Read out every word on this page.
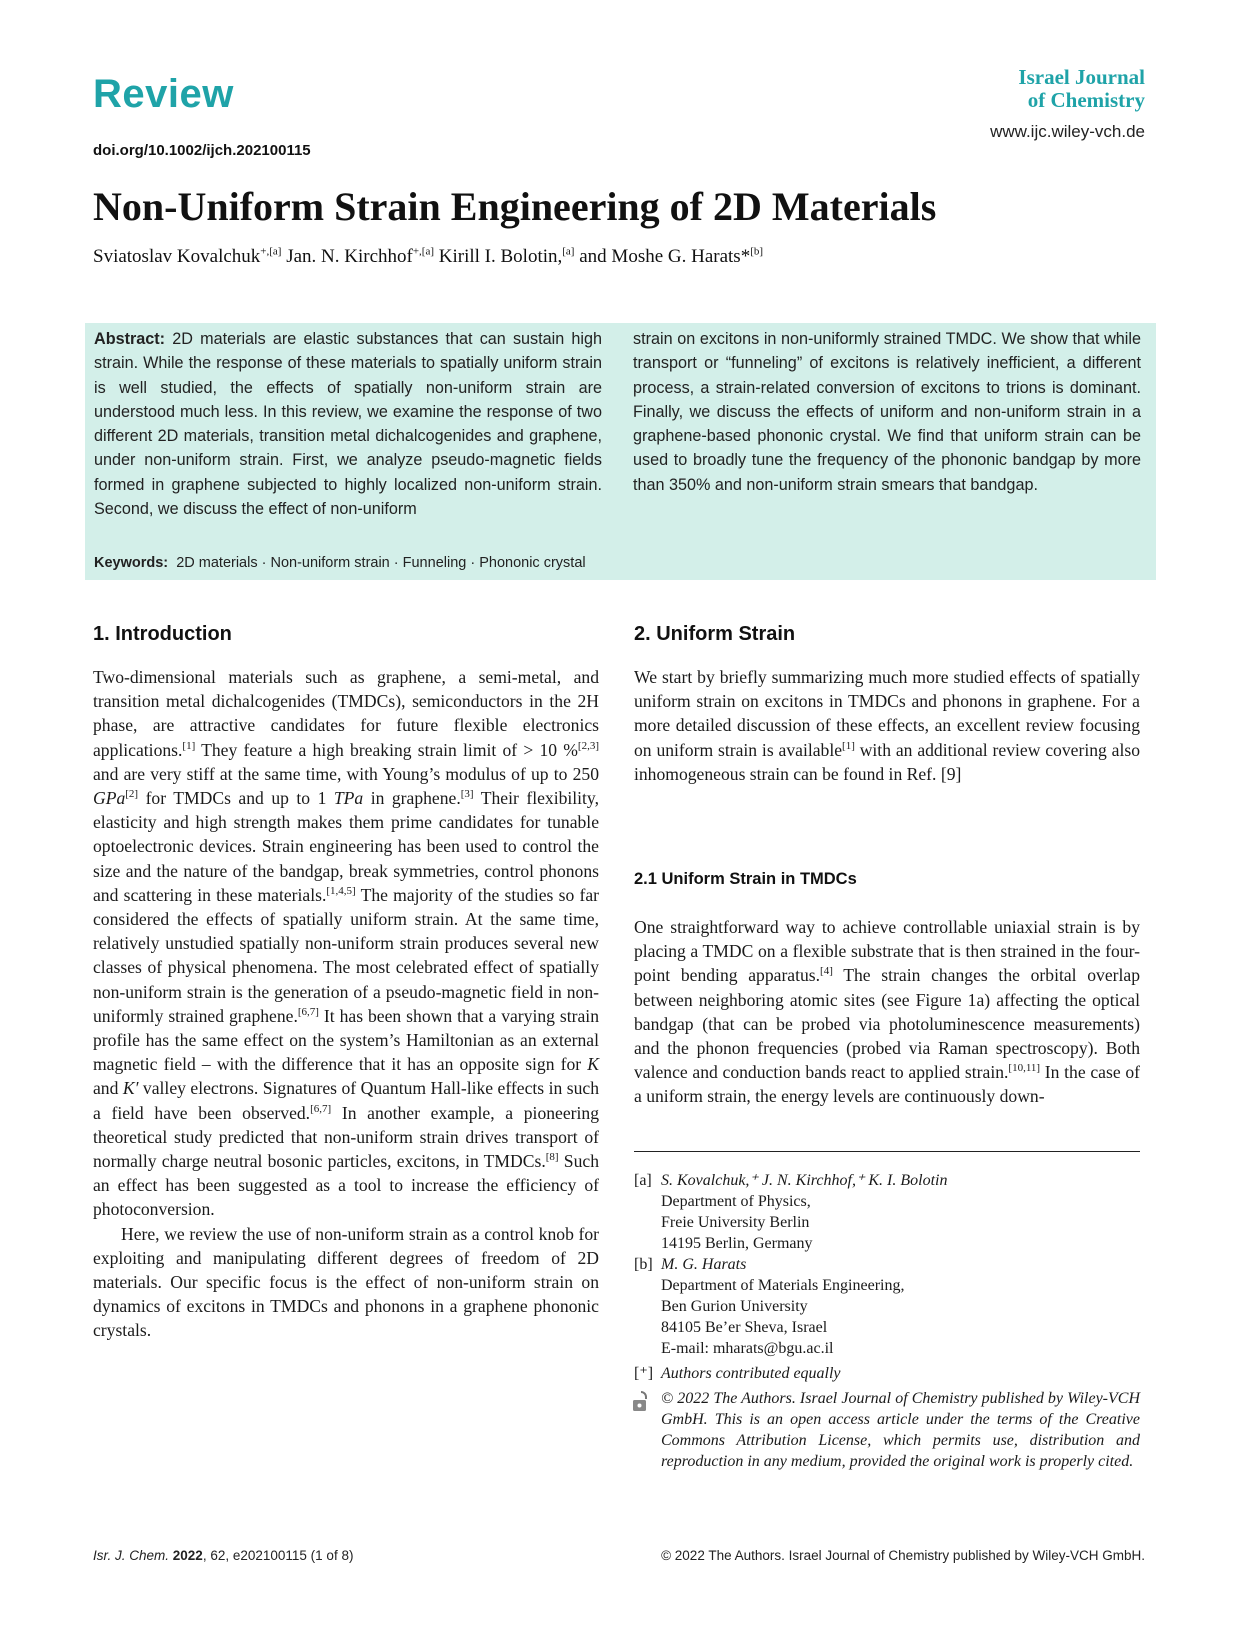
Review
doi.org/10.1002/ijch.202100115
Israel Journal
of Chemistry
www.ijc.wiley-vch.de
Non-Uniform Strain Engineering of 2D Materials
Sviatoslav Kovalchuk$^{+,[a]}$ Jan. N. Kirchhof$^{+,[a]}$ Kirill I. Bolotin,[a] and Moshe G. Harats*[b]
Abstract: 2D materials are elastic substances that can sustain high strain. While the response of these materials to spatially uniform strain is well studied, the effects of spatially non-uniform strain are understood much less. In this review, we examine the response of two different 2D materials, transition metal dichalcogenides and graphene, under non-uniform strain. First, we analyze pseudo-magnetic fields formed in graphene subjected to highly localized non-uniform strain. Second, we discuss the effect of non-uniform
strain on excitons in non-uniformly strained TMDC. We show that while transport or “funneling” of excitons is relatively inefficient, a different process, a strain-related conversion of excitons to trions is dominant. Finally, we discuss the effects of uniform and non-uniform strain in a graphene-based phononic crystal. We find that uniform strain can be used to broadly tune the frequency of the phononic bandgap by more than 350% and non-uniform strain smears that bandgap.
Keywords: 2D materials · Non-uniform strain · Funneling · Phononic crystal
1. Introduction

Two-dimensional materials such as graphene, a semi-metal, and transition metal dichalcogenides (TMDCs), semiconductors in the 2H phase, are attractive candidates for future flexible electronics applications.[1] They feature a high breaking strain limit of > 10 %[2,3] and are very stiff at the same time, with Young’s modulus of up to 250 GPa[2] for TMDCs and up to 1 TPa in graphene.[3] Their flexibility, elasticity and high strength makes them prime candidates for tunable optoelectronic devices. Strain engineering has been used to control the size and the nature of the bandgap, break symmetries, control phonons and scattering in these materials.[1,4,5] The majority of the studies so far considered the effects of spatially uniform strain. At the same time, relatively unstudied spatially non-uniform strain produces several new classes of physical phenomena. The most celebrated effect of spatially non-uniform strain is the generation of a pseudo-magnetic field in non-uniformly strained graphene.[6,7] It has been shown that a varying strain profile has the same effect on the system’s Hamiltonian as an external magnetic field – with the difference that it has an opposite sign for K and K′ valley electrons. Signatures of Quantum Hall-like effects in such a field have been observed.[6,7] In another example, a pioneering theoretical study predicted that non-uniform strain drives transport of normally charge neutral bosonic particles, excitons, in TMDCs.[8] Such an effect has been suggested as a tool to increase the efficiency of photoconversion.

Here, we review the use of non-uniform strain as a control knob for exploiting and manipulating different degrees of freedom of 2D materials. Our specific focus is the effect of non-uniform strain on dynamics of excitons in TMDCs and phonons in a graphene phononic crystals.

2. Uniform Strain

We start by briefly summarizing much more studied effects of spatially uniform strain on excitons in TMDCs and phonons in graphene. For a more detailed discussion of these effects, an excellent review focusing on uniform strain is available[1] with an additional review covering also inhomogeneous strain can be found in Ref. [9]

2.1 Uniform Strain in TMDCs

One straightforward way to achieve controllable uniaxial strain is by placing a TMDC on a flexible substrate that is then strained in the four-point bending apparatus.[4] The strain changes the orbital overlap between neighboring atomic sites (see Figure 1a) affecting the optical bandgap (that can be probed via photoluminescence measurements) and the phonon frequencies (probed via Raman spectroscopy). Both valence and conduction bands react to applied strain.[10,11] In the case of a uniform strain, the energy levels are continuously down-

[a] S. Kovalchuk,⁺ J. N. Kirchhof,⁺ K. I. Bolotin
Department of Physics,
Freie University Berlin
14195 Berlin, Germany
[b] M. G. Harats
Department of Materials Engineering,
Ben Gurion University
84105 Be’er Sheva, Israel
E-mail: mharats@bgu.ac.il
[⁺] Authors contributed equally
© 2022 The Authors. Israel Journal of Chemistry published by Wiley-VCH GmbH. This is an open access article under the terms of the Creative Commons Attribution License, which permits use, distribution and reproduction in any medium, provided the original work is properly cited.
Isr. J. Chem. 2022, 62, e202100115 (1 of 8)	© 2022 The Authors. Israel Journal of Chemistry published by Wiley-VCH GmbH.
